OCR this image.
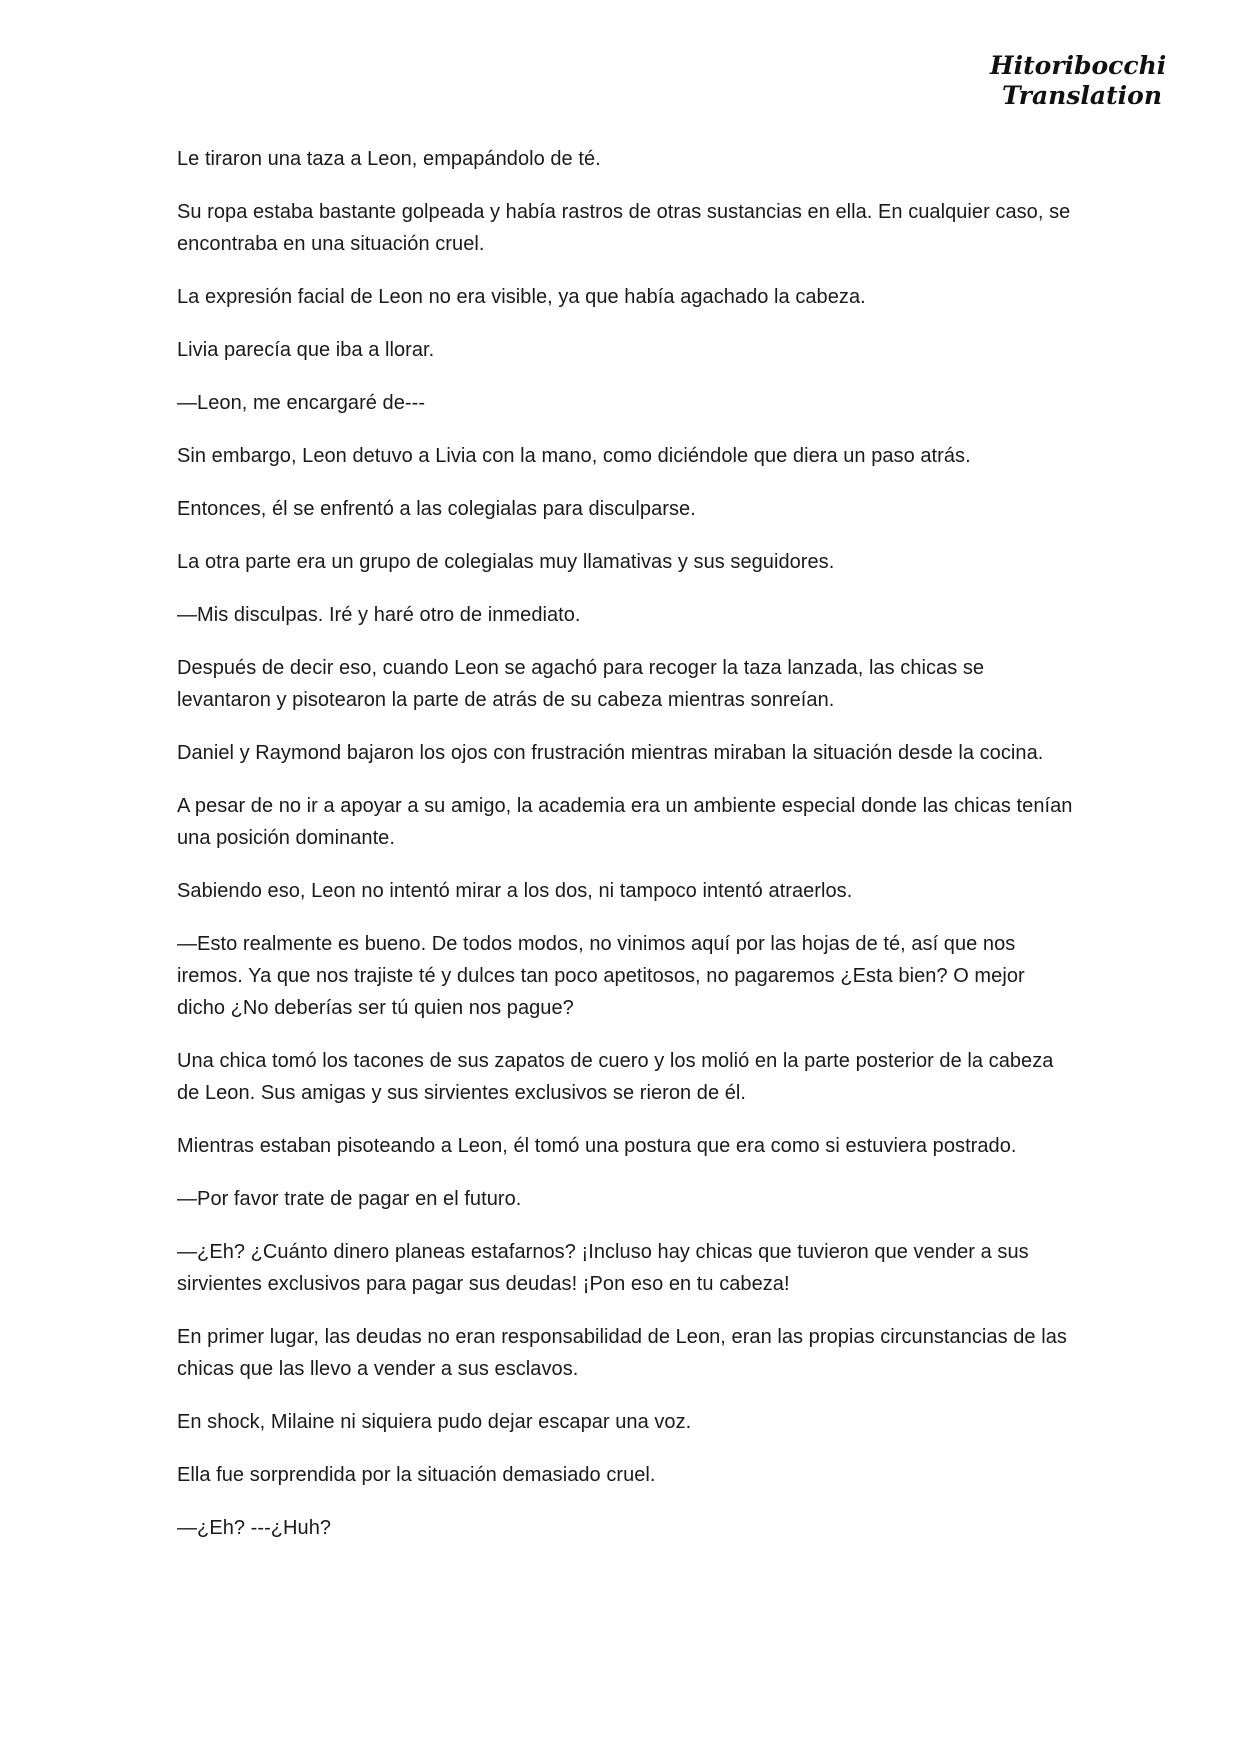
Hitoribocchi
Translation

Le tiraron una taza a Leon, empapándolo de té.

Su ropa estaba bastante golpeada y había rastros de otras sustancias en ella. En cualquier caso, se encontraba en una situación cruel.

La expresión facial de Leon no era visible, ya que había agachado la cabeza.

Livia parecía que iba a llorar.

—Leon, me encargaré de---

Sin embargo, Leon detuvo a Livia con la mano, como diciéndole que diera un paso atrás.

Entonces, él se enfrentó a las colegialas para disculparse.

La otra parte era un grupo de colegialas muy llamativas y sus seguidores.

—Mis disculpas. Iré y haré otro de inmediato.

Después de decir eso, cuando Leon se agachó para recoger la taza lanzada, las chicas se levantaron y pisotearon la parte de atrás de su cabeza mientras sonreían.

Daniel y Raymond bajaron los ojos con frustración mientras miraban la situación desde la cocina.

A pesar de no ir a apoyar a su amigo, la academia era un ambiente especial donde las chicas tenían una posición dominante.

Sabiendo eso, Leon no intentó mirar a los dos, ni tampoco intentó atraerlos.

—Esto realmente es bueno. De todos modos, no vinimos aquí por las hojas de té, así que nos iremos. Ya que nos trajiste té y dulces tan poco apetitosos, no pagaremos ¿Esta bien? O mejor dicho ¿No deberías ser tú quien nos pague?

Una chica tomó los tacones de sus zapatos de cuero y los molió en la parte posterior de la cabeza de Leon. Sus amigas y sus sirvientes exclusivos se rieron de él.

Mientras estaban pisoteando a Leon, él tomó una postura que era como si estuviera postrado.

—Por favor trate de pagar en el futuro.

—¿Eh? ¿Cuánto dinero planeas estafarnos? ¡Incluso hay chicas que tuvieron que vender a sus sirvientes exclusivos para pagar sus deudas! ¡Pon eso en tu cabeza!

En primer lugar, las deudas no eran responsabilidad de Leon, eran las propias circunstancias de las chicas que las llevo a vender a sus esclavos.

En shock, Milaine ni siquiera pudo dejar escapar una voz.

Ella fue sorprendida por la situación demasiado cruel.

—¿Eh? ---¿Huh?
